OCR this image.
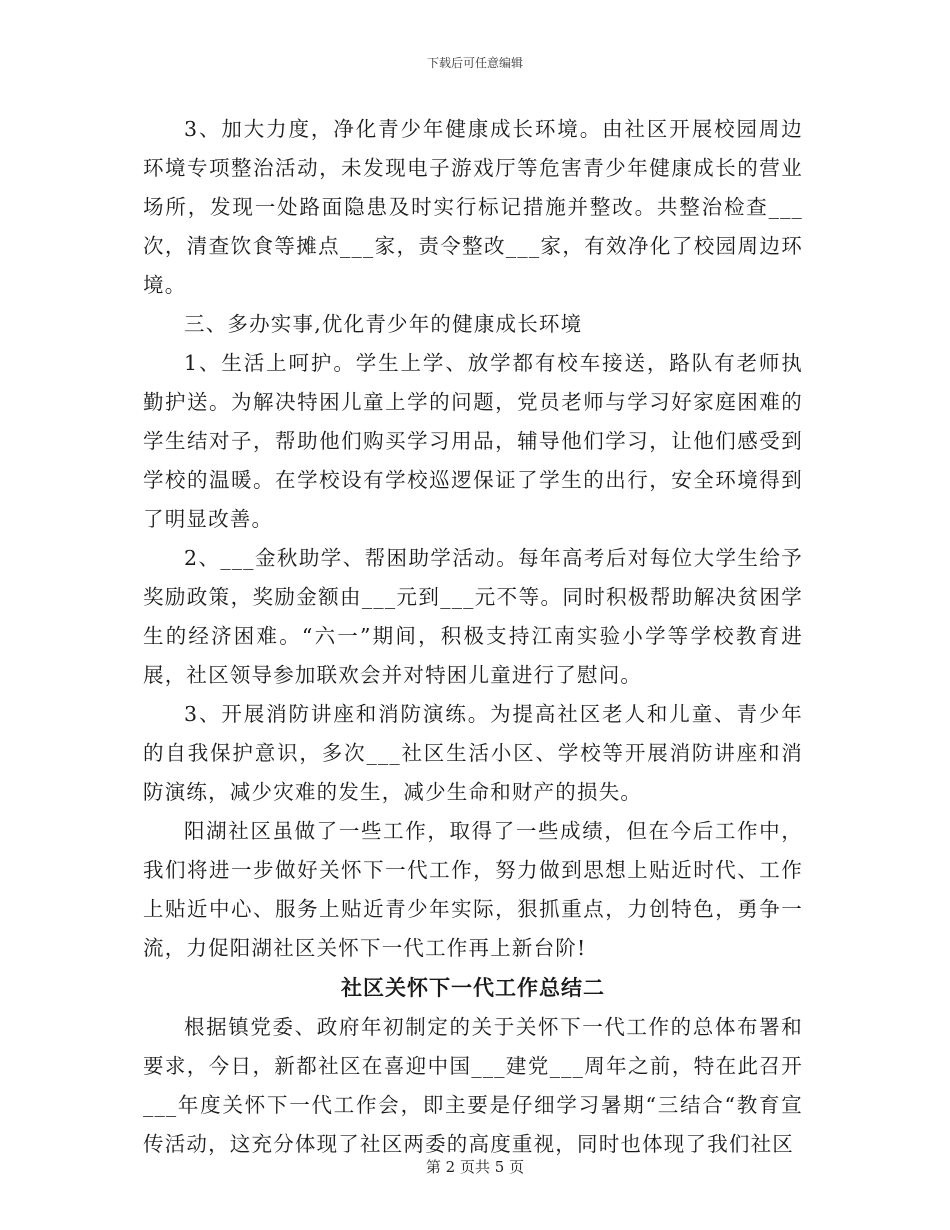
下载后可任意编辑

3、加大力度，净化青少年健康成长环境。由社区开展校园周边环境专项整治活动，未发现电子游戏厅等危害青少年健康成长的营业场所，发现一处路面隐患及时实行标记措施并整改。共整治检查___次，清查饮食等摊点___家，责令整改___家，有效净化了校园周边环境。

三、多办实事,优化青少年的健康成长环境

1、生活上呵护。学生上学、放学都有校车接送，路队有老师执勤护送。为解决特困儿童上学的问题，党员老师与学习好家庭困难的学生结对子，帮助他们购买学习用品，辅导他们学习，让他们感受到学校的温暖。在学校设有学校巡逻保证了学生的出行，安全环境得到了明显改善。

2、___金秋助学、帮困助学活动。每年高考后对每位大学生给予奖励政策，奖励金额由___元到___元不等。同时积极帮助解决贫困学生的经济困难。“六一”期间，积极支持江南实验小学等学校教育进展，社区领导参加联欢会并对特困儿童进行了慰问。

3、开展消防讲座和消防演练。为提高社区老人和儿童、青少年的自我保护意识，多次___社区生活小区、学校等开展消防讲座和消防演练，减少灾难的发生，减少生命和财产的损失。

阳湖社区虽做了一些工作，取得了一些成绩，但在今后工作中，我们将进一步做好关怀下一代工作，努力做到思想上贴近时代、工作上贴近中心、服务上贴近青少年实际，狠抓重点，力创特色，勇争一流，力促阳湖社区关怀下一代工作再上新台阶!

社区关怀下一代工作总结二

根据镇党委、政府年初制定的关于关怀下一代工作的总体布署和要求，今日，新都社区在喜迎中国___建党___周年之前，特在此召开___年度关怀下一代工作会，即主要是仔细学习暑期“三结合“教育宣传活动，这充分体现了社区两委的高度重视，同时也体现了我们社区

第 2 页共 5 页
